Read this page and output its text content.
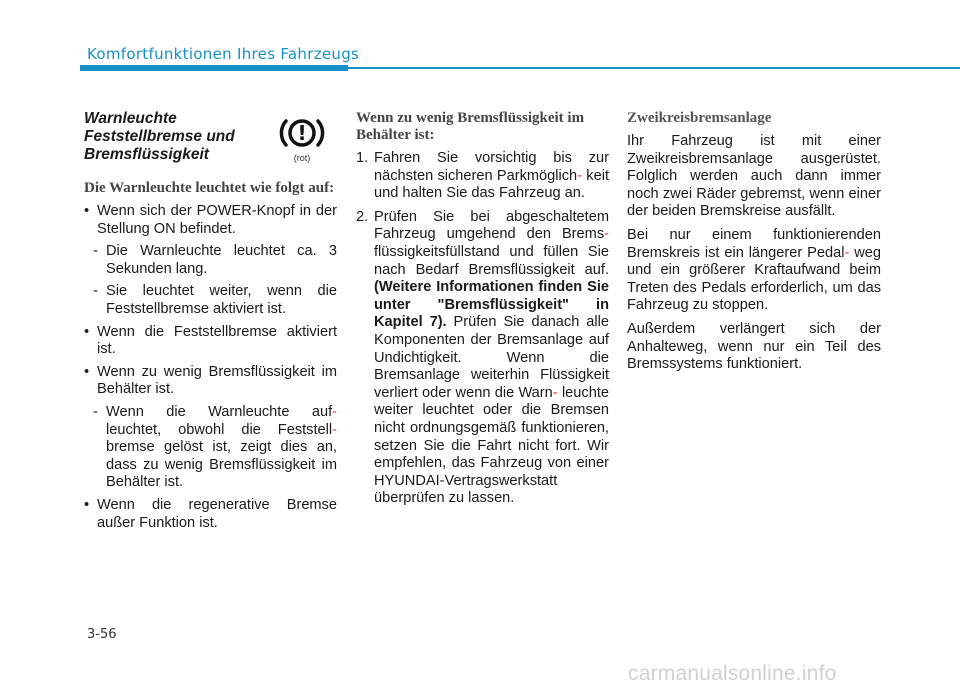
Komfortfunktionen Ihres Fahrzeugs
Warnleuchte Feststellbremse und Bremsflüssigkeit
!
(rot)
Die Warnleuchte leuchtet wie folgt auf:
• Wenn sich der POWER-Knopf in der Stellung ON befindet.
- Die Warnleuchte leuchtet ca. 3 Sekunden lang.
- Sie leuchtet weiter, wenn die Feststellbremse aktiviert ist.
• Wenn die Feststellbremse aktiviert ist.
• Wenn zu wenig Bremsflüssigkeit im Behälter ist.
- Wenn die Warnleuchte auf- leuchtet, obwohl die Feststell- bremse gelöst ist, zeigt dies an, dass zu wenig Bremsflüssigkeit im Behälter ist.
• Wenn die regenerative Bremse außer Funktion ist.
Wenn zu wenig Bremsflüssigkeit im Behälter ist:
1. Fahren Sie vorsichtig bis zur nächsten sicheren Parkmöglich- keit und halten Sie das Fahrzeug an.
2. Prüfen Sie bei abgeschaltetem Fahrzeug umgehend den Brems- flüssigkeitsfüllstand und füllen Sie nach Bedarf Bremsflüssigkeit auf. (Weitere Informationen finden Sie unter "Bremsflüssigkeit" in Kapitel 7). Prüfen Sie danach alle Komponenten der Bremsanlage auf Undichtigkeit. Wenn die Bremsanlage weiterhin Flüssigkeit verliert oder wenn die Warn- leuchte weiter leuchtet oder die Bremsen nicht ordnungsgemäß funktionieren, setzen Sie die Fahrt nicht fort. Wir empfehlen, das Fahrzeug von einer HYUNDAI-Vertragswerkstatt überprüfen zu lassen.
Zweikreisbremsanlage

Ihr Fahrzeug ist mit einer Zweikreisbremsanlage ausgerüstet. Folglich werden auch dann immer noch zwei Räder gebremst, wenn einer der beiden Bremskreise ausfällt.

Bei nur einem funktionierenden Bremskreis ist ein längerer Pedal- weg und ein größerer Kraftaufwand beim Treten des Pedals erforderlich, um das Fahrzeug zu stoppen.

Außerdem verlängert sich der Anhalteweg, wenn nur ein Teil des Bremssystems funktioniert.

3-56
carmanualsonline.info
